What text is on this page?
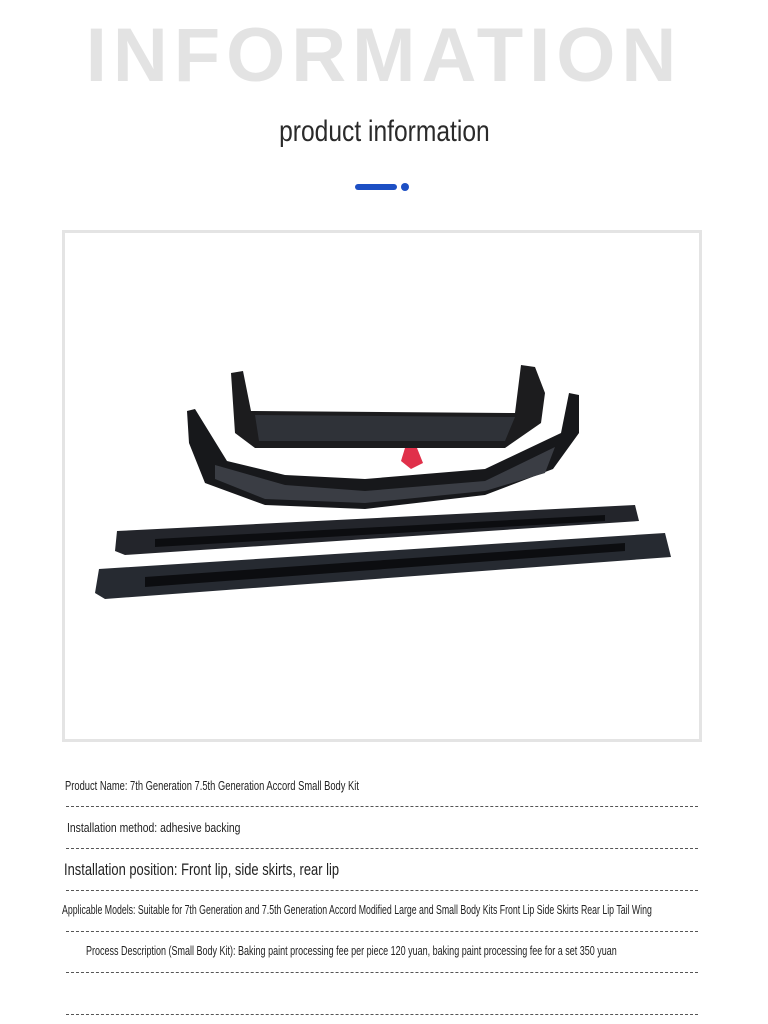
INFORMATION
product information
Product Name: 7th Generation 7.5th Generation Accord Small Body Kit
Installation method: adhesive backing
Installation position: Front lip, side skirts, rear lip
Applicable Models: Suitable for 7th Generation and 7.5th Generation Accord Modified Large and Small Body Kits Front Lip Side Skirts Rear Lip Tail Wing
Process Description (Small Body Kit): Baking paint processing fee per piece 120 yuan, baking paint processing fee for a set 350 yuan
